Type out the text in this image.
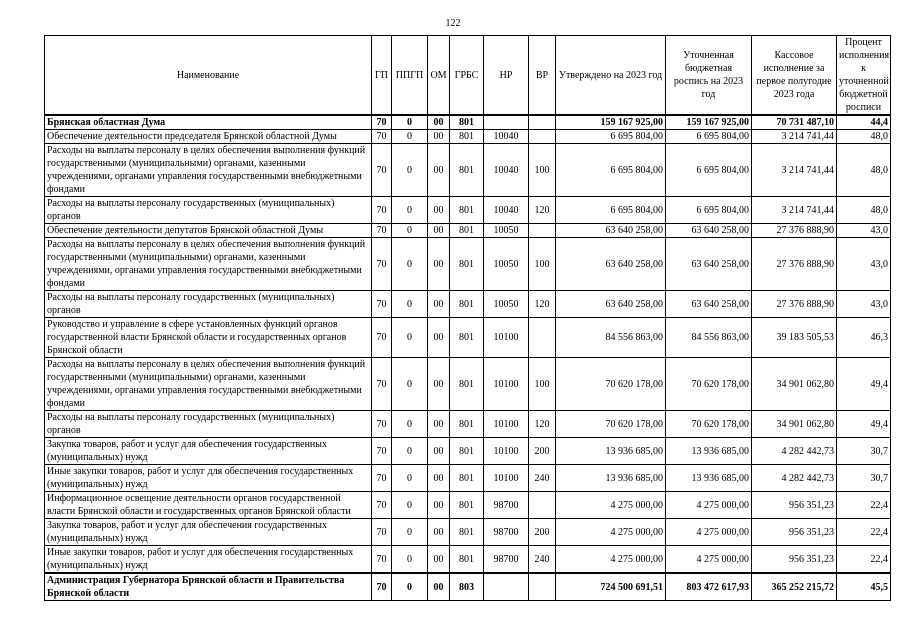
122
Наименование	ГП	ППГП	ОМ	ГРБС	НР	ВР	Утверждено на 2023 год	Уточненная бюджетная роспись на 2023 год	Кассовое исполнение за первое полугодие 2023 года	Процент исполнения к уточненной бюджетной росписи
Брянская областная Дума	70	0	00	801			159 167 925,00	159 167 925,00	70 731 487,10	44,4
Обеспечение деятельности председателя Брянской областной Думы	70	0	00	801	10040		6 695 804,00	6 695 804,00	3 214 741,44	48,0
Расходы на выплаты персоналу в целях обеспечения выполнения функций государственными (муниципальными) органами, казенными учреждениями, органами управления государственными внебюджетными фондами	70	0	00	801	10040	100	6 695 804,00	6 695 804,00	3 214 741,44	48,0
Расходы на выплаты персоналу государственных (муниципальных) органов	70	0	00	801	10040	120	6 695 804,00	6 695 804,00	3 214 741,44	48,0
Обеспечение деятельности депутатов Брянской областной Думы	70	0	00	801	10050		63 640 258,00	63 640 258,00	27 376 888,90	43,0
Расходы на выплаты персоналу в целях обеспечения выполнения функций государственными (муниципальными) органами, казенными учреждениями, органами управления государственными внебюджетными фондами	70	0	00	801	10050	100	63 640 258,00	63 640 258,00	27 376 888,90	43,0
Расходы на выплаты персоналу государственных (муниципальных) органов	70	0	00	801	10050	120	63 640 258,00	63 640 258,00	27 376 888,90	43,0
Руководство и управление в сфере установленных функций органов государственной власти Брянской области и государственных органов Брянской области	70	0	00	801	10100		84 556 863,00	84 556 863,00	39 183 505,53	46,3
Расходы на выплаты персоналу в целях обеспечения выполнения функций государственными (муниципальными) органами, казенными учреждениями, органами управления государственными внебюджетными фондами	70	0	00	801	10100	100	70 620 178,00	70 620 178,00	34 901 062,80	49,4
Расходы на выплаты персоналу государственных (муниципальных) органов	70	0	00	801	10100	120	70 620 178,00	70 620 178,00	34 901 062,80	49,4
Закупка товаров, работ и услуг для обеспечения государственных (муниципальных) нужд	70	0	00	801	10100	200	13 936 685,00	13 936 685,00	4 282 442,73	30,7
Иные закупки товаров, работ и услуг для обеспечения государственных (муниципальных) нужд	70	0	00	801	10100	240	13 936 685,00	13 936 685,00	4 282 442,73	30,7
Информационное освещение деятельности органов государственной власти Брянской области и государственных органов Брянской области	70	0	00	801	98700		4 275 000,00	4 275 000,00	956 351,23	22,4
Закупка товаров, работ и услуг для обеспечения государственных (муниципальных) нужд	70	0	00	801	98700	200	4 275 000,00	4 275 000,00	956 351,23	22,4
Иные закупки товаров, работ и услуг для обеспечения государственных (муниципальных) нужд	70	0	00	801	98700	240	4 275 000,00	4 275 000,00	956 351,23	22,4
Администрация Губернатора Брянской области и Правительства Брянской области	70	0	00	803			724 500 691,51	803 472 617,93	365 252 215,72	45,5
